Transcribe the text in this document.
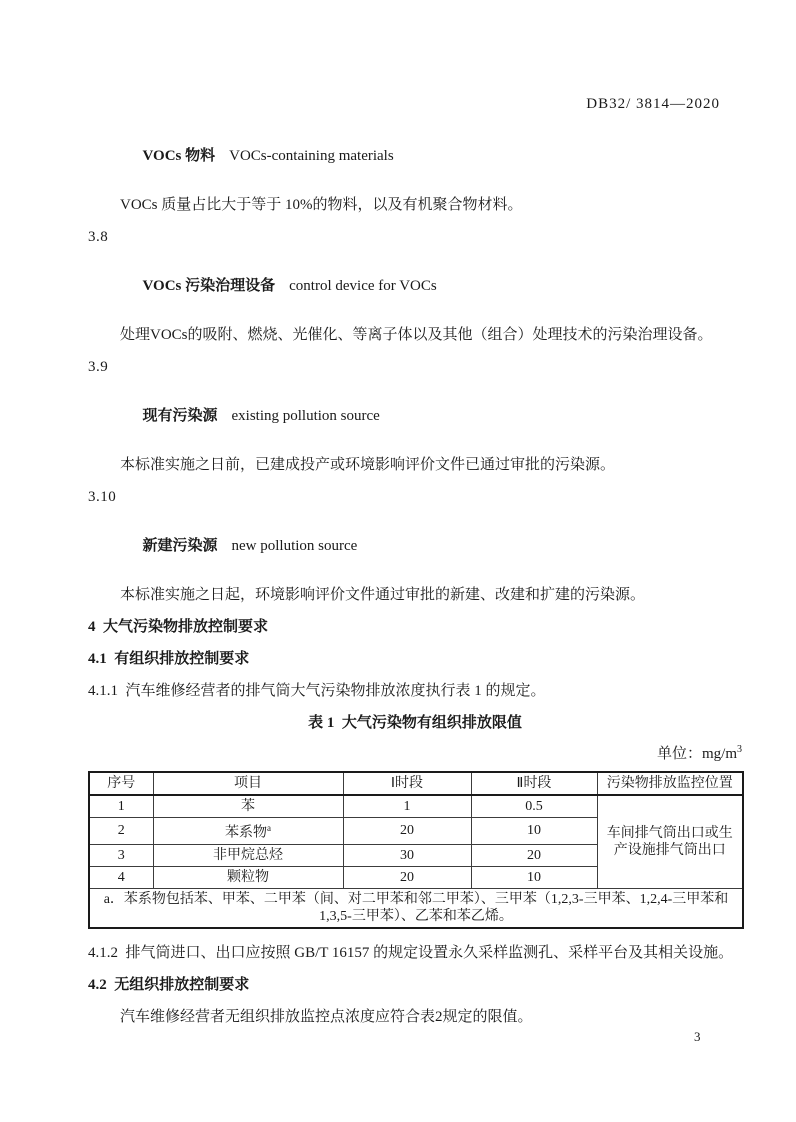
DB32/ 3814—2020

VOCs 物料 VOCs-containing materials

VOCs 质量占比大于等于 10%的物料，以及有机聚合物材料。
3.8

VOCs 污染治理设备 control device for VOCs

处理VOCs的吸附、燃烧、光催化、等离子体以及其他（组合）处理技术的污染治理设备。
3.9

现有污染源 existing pollution source

本标准实施之日前，已建成投产或环境影响评价文件已通过审批的污染源。
3.10

新建污染源 new pollution source

本标准实施之日起，环境影响评价文件通过审批的新建、改建和扩建的污染源。
4  大气污染物排放控制要求
4.1  有组织排放控制要求
4.1.1  汽车维修经营者的排气筒大气污染物排放浓度执行表 1 的规定。
表 1  大气污染物有组织排放限值
单位：$mg/m^3$
序号	项目	Ⅰ时段	Ⅱ时段	污染物排放监控位置
1	苯	1	0.5	车间排气筒出口或生产设施排气筒出口
2	苯系物$^a$	20	10	
3	非甲烷总烃	30	20	
4	颗粒物	20	10	
a．苯系物包括苯、甲苯、二甲苯（间、对二甲苯和邻二甲苯）、三甲苯（1,2,3-三甲苯、1,2,4-三甲苯和 1,3,5-三甲苯）、乙苯和苯乙烯。				
4.1.2  排气筒进口、出口应按照 GB/T 16157 的规定设置永久采样监测孔、采样平台及其相关设施。
4.2  无组织排放控制要求
汽车维修经营者无组织排放监控点浓度应符合表2规定的限值。
3
